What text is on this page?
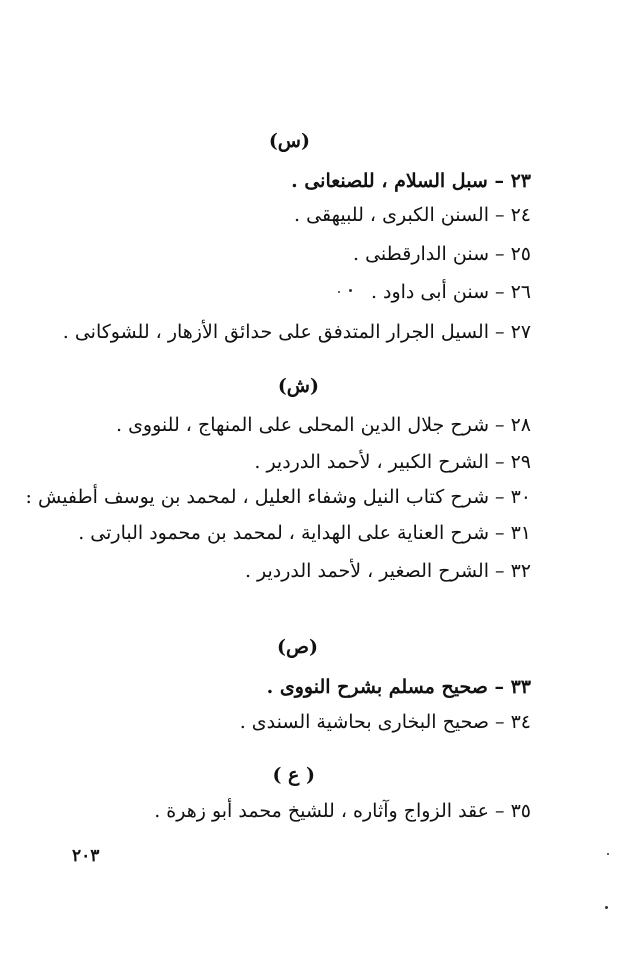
(س)
٢٣ – سبل السلام ، للصنعانى .
٢٤ – السنن الكبرى ، للبيهقى .
٢٥ – سنن الدارقطنى .
٢٦ – سنن أبى داود .
٢٧ – السيل الجرار المتدفق على حدائق الأزهار ، للشوكانى .
(ش)
٢٨ – شرح جلال الدين المحلى على المنهاج ، للنووى .
٢٩ – الشرح الكبير ، لأحمد الدردير .
٣٠ – شرح كتاب النيل وشفاء العليل ، لمحمد بن يوسف أطفيش :
٣١ – شرح العناية على الهداية ، لمحمد بن محمود البارتى .
٣٢ – الشرح الصغير ، لأحمد الدردير .
(ص)
٣٣ – صحيح مسلم بشرح النووى .
٣٤ – صحيح البخارى بحاشية السندى .
( ع )
٣٥ – عقد الزواج وآثاره ، للشيخ محمد أبو زهرة .
٢٠٣
